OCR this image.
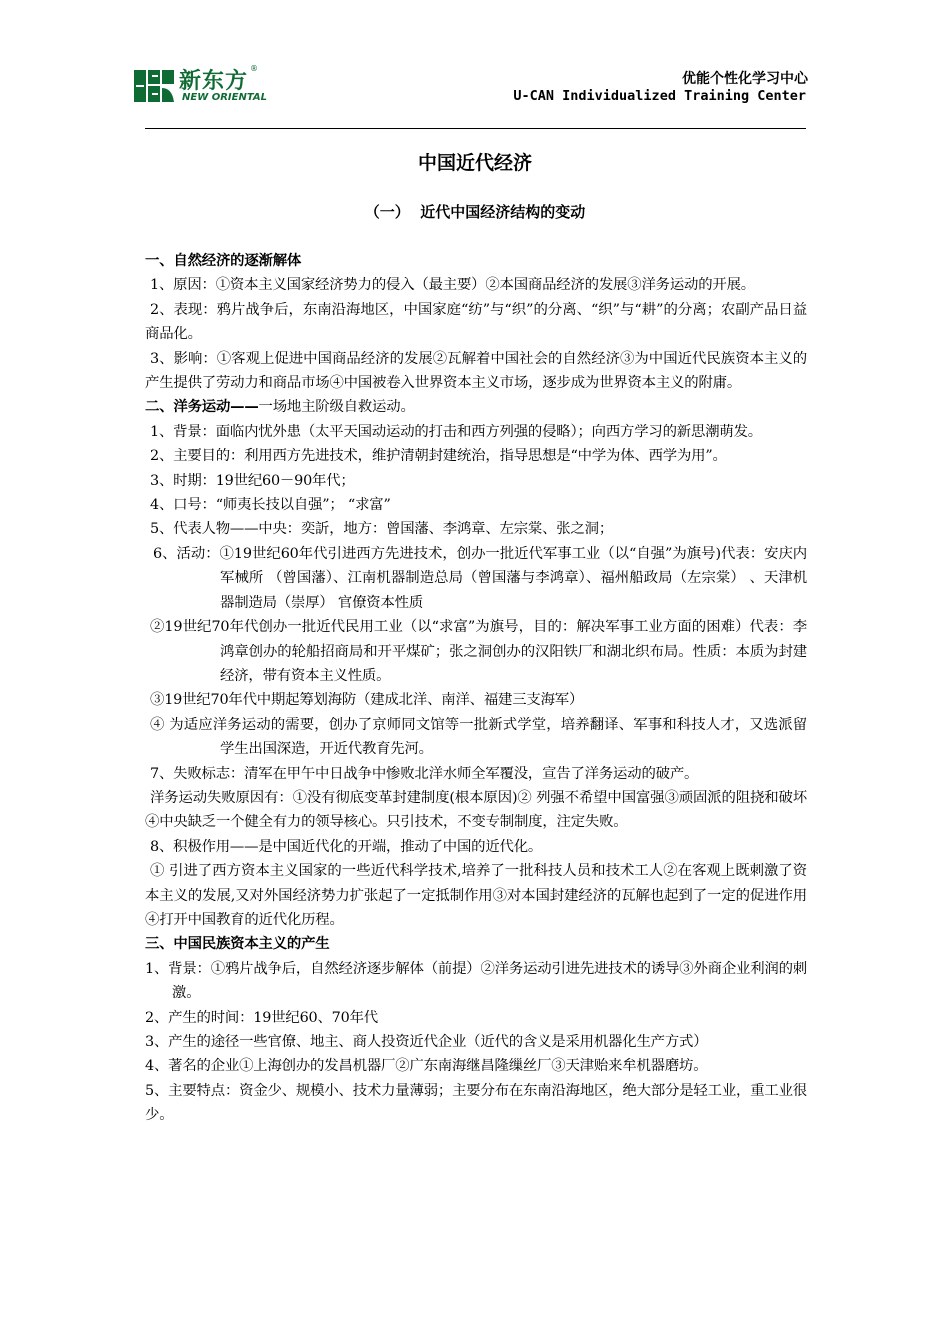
新东方
®
NEW ORIENTAL
优能个性化学习中心
U-CAN Individualized Training Center
中国近代经济
（一）  近代中国经济结构的变动

一、自然经济的逐渐解体

1、原因：①资本主义国家经济势力的侵入（最主要）②本国商品经济的发展③洋务运动的开展。

2、表现：鸦片战争后，东南沿海地区，中国家庭“纺”与“织”的分离、“织”与“耕”的分离；农副产品日益商品化。

3、影响：①客观上促进中国商品经济的发展②瓦解着中国社会的自然经济③为中国近代民族资本主义的产生提供了劳动力和商品市场④中国被卷入世界资本主义市场，逐步成为世界资本主义的附庸。

二、洋务运动——一场地主阶级自救运动。

1、背景：面临内忧外患（太平天国动运动的打击和西方列强的侵略）；向西方学习的新思潮萌发。

2、主要目的：利用西方先进技术，维护清朝封建统治，指导思想是“中学为体、西学为用”。

3、时期：19世纪60－90年代；

4、口号：“师夷长技以自强”； “求富”

5、代表人物——中央：奕訢，地方：曾国藩、李鸿章、左宗棠、张之洞；

6、活动：①19世纪60年代引进西方先进技术，创办一批近代军事工业（以“自强”为旗号)代表：安庆内军械所 （曾国藩）、江南机器制造总局（曾国藩与李鸿章）、福州船政局（左宗棠） 、天津机器制造局（崇厚） 官僚资本性质

②19世纪70年代创办一批近代民用工业（以“求富”为旗号，目的：解决军事工业方面的困难）代表：李鸿章创办的轮船招商局和开平煤矿；张之洞创办的汉阳铁厂和湖北织布局。性质：本质为封建经济，带有资本主义性质。

③19世纪70年代中期起筹划海防（建成北洋、南洋、福建三支海军）

④ 为适应洋务运动的需要，创办了京师同文馆等一批新式学堂，培养翻译、军事和科技人才，又选派留学生出国深造，开近代教育先河。

7、失败标志：清军在甲午中日战争中惨败北洋水师全军覆没，宣告了洋务运动的破产。

洋务运动失败原因有：①没有彻底变革封建制度(根本原因)② 列强不希望中国富强③顽固派的阻挠和破坏④中央缺乏一个健全有力的领导核心。只引技术，不变专制制度，注定失败。

8、积极作用——是中国近代化的开端，推动了中国的近代化。

① 引进了西方资本主义国家的一些近代科学技术,培养了一批科技人员和技术工人②在客观上既刺激了资本主义的发展,又对外国经济势力扩张起了一定抵制作用③对本国封建经济的瓦解也起到了一定的促进作用④打开中国教育的近代化历程。

三、中国民族资本主义的产生

1、背景：①鸦片战争后，自然经济逐步解体（前提）②洋务运动引进先进技术的诱导③外商企业利润的刺激。

2、产生的时间：19世纪60、70年代

3、产生的途径一些官僚、地主、商人投资近代企业（近代的含义是采用机器化生产方式）

4、著名的企业①上海创办的发昌机器厂②广东南海继昌隆缫丝厂③天津贻来牟机器磨坊。

5、主要特点：资金少、规模小、技术力量薄弱；主要分布在东南沿海地区，绝大部分是轻工业，重工业很少。
